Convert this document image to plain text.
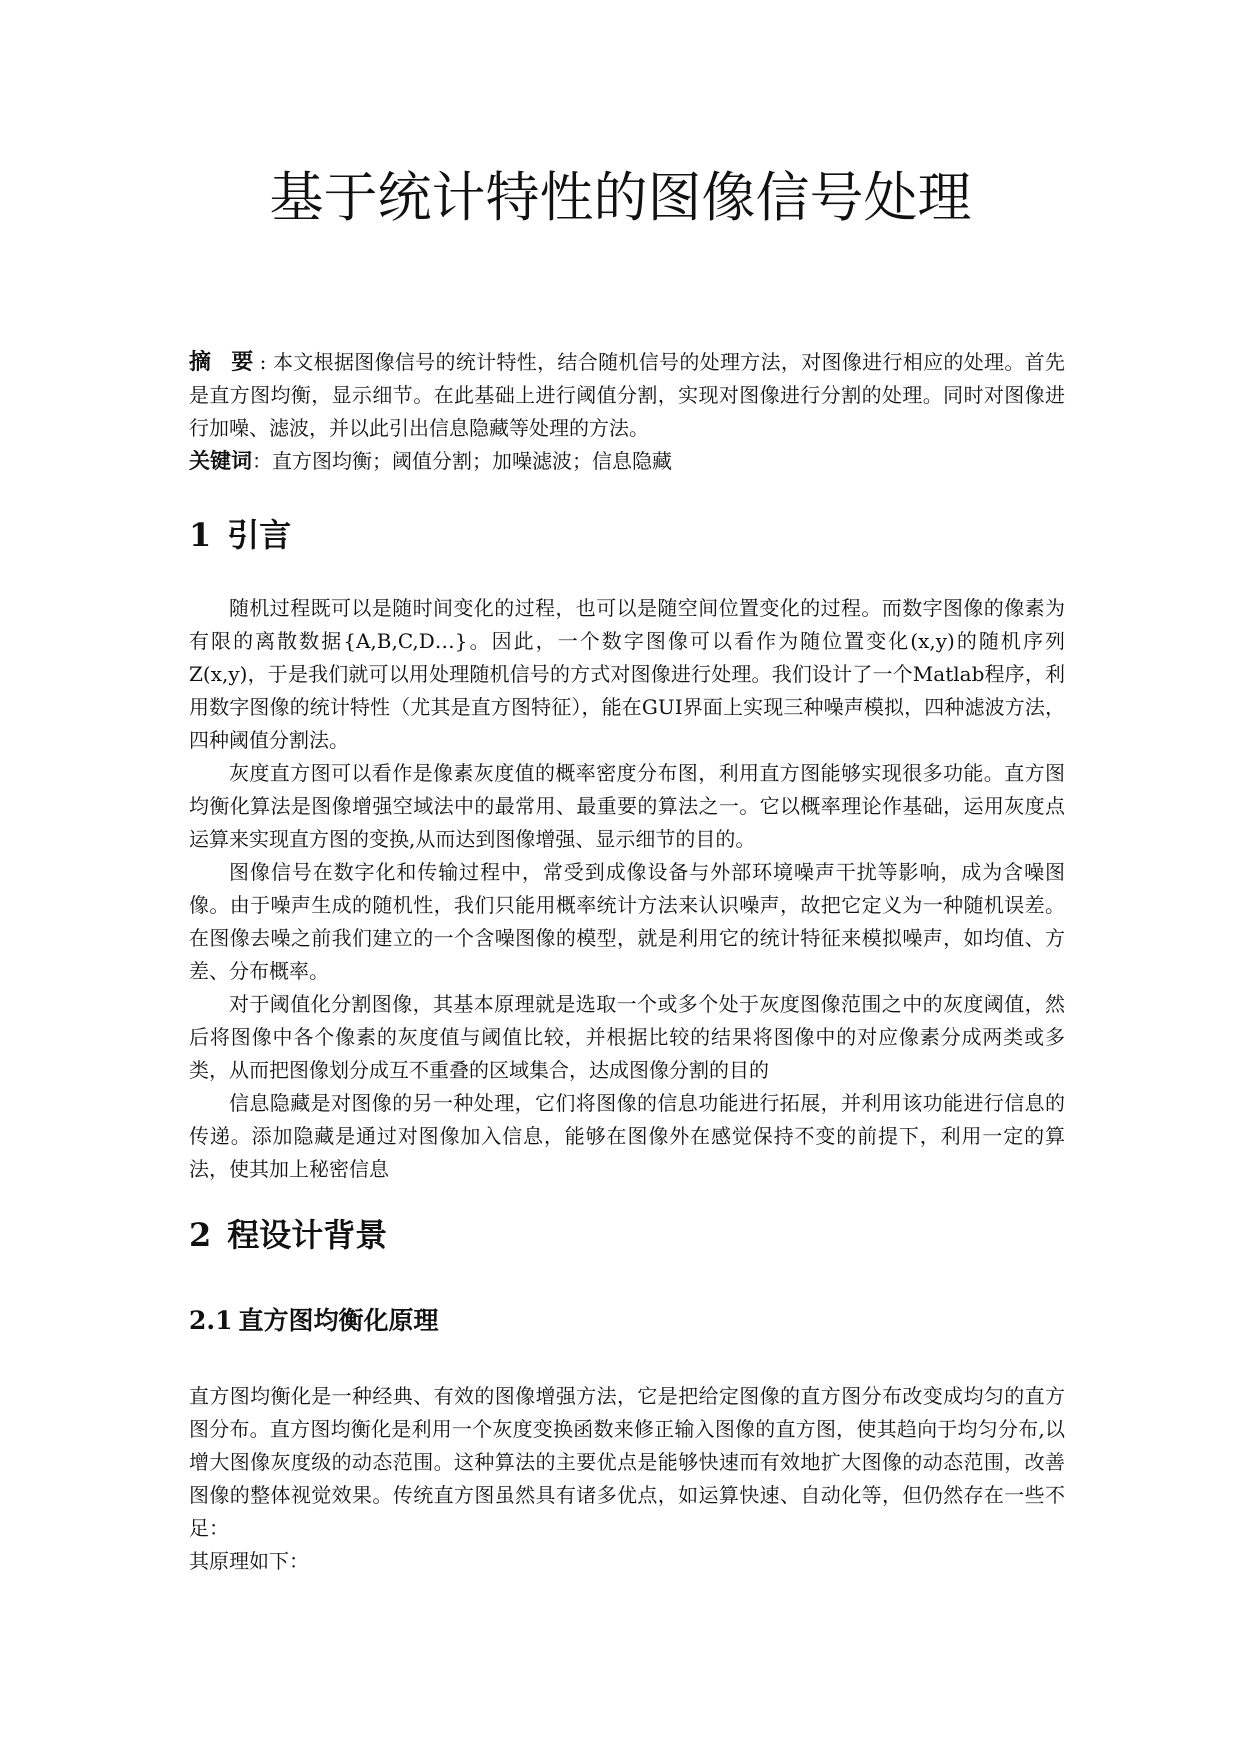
基于统计特性的图像信号处理
摘 要: 本文根据图像信号的统计特性，结合随机信号的处理方法，对图像进行相应的处理。首先是直方图均衡，显示细节。在此基础上进行阈值分割，实现对图像进行分割的处理。同时对图像进行加噪、滤波，并以此引出信息隐藏等处理的方法。
关键词：直方图均衡；阈值分割；加噪滤波；信息隐藏
1 引言

随机过程既可以是随时间变化的过程，也可以是随空间位置变化的过程。而数字图像的像素为有限的离散数据{A,B,C,D…}。因此，一个数字图像可以看作为随位置变化(x,y)的随机序列Z(x,y)，于是我们就可以用处理随机信号的方式对图像进行处理。我们设计了一个Matlab程序，利用数字图像的统计特性（尤其是直方图特征），能在GUI界面上实现三种噪声模拟，四种滤波方法，四种阈值分割法。

灰度直方图可以看作是像素灰度值的概率密度分布图，利用直方图能够实现很多功能。直方图均衡化算法是图像增强空域法中的最常用、最重要的算法之一。它以概率理论作基础，运用灰度点运算来实现直方图的变换,从而达到图像增强、显示细节的目的。

图像信号在数字化和传输过程中，常受到成像设备与外部环境噪声干扰等影响，成为含噪图像。由于噪声生成的随机性，我们只能用概率统计方法来认识噪声，故把它定义为一种随机误差。在图像去噪之前我们建立的一个含噪图像的模型，就是利用它的统计特征来模拟噪声，如均值、方差、分布概率。

对于阈值化分割图像，其基本原理就是选取一个或多个处于灰度图像范围之中的灰度阈值，然后将图像中各个像素的灰度值与阈值比较，并根据比较的结果将图像中的对应像素分成两类或多类，从而把图像划分成互不重叠的区域集合，达成图像分割的目的

信息隐藏是对图像的另一种处理，它们将图像的信息功能进行拓展，并利用该功能进行信息的传递。添加隐藏是通过对图像加入信息，能够在图像外在感觉保持不变的前提下，利用一定的算法，使其加上秘密信息

2 程设计背景
2.1 直方图均衡化原理

直方图均衡化是一种经典、有效的图像增强方法，它是把给定图像的直方图分布改变成均匀的直方图分布。直方图均衡化是利用一个灰度变换函数来修正输入图像的直方图，使其趋向于均匀分布,以增大图像灰度级的动态范围。这种算法的主要优点是能够快速而有效地扩大图像的动态范围，改善图像的整体视觉效果。传统直方图虽然具有诸多优点，如运算快速、自动化等，但仍然存在一些不足：

其原理如下：
